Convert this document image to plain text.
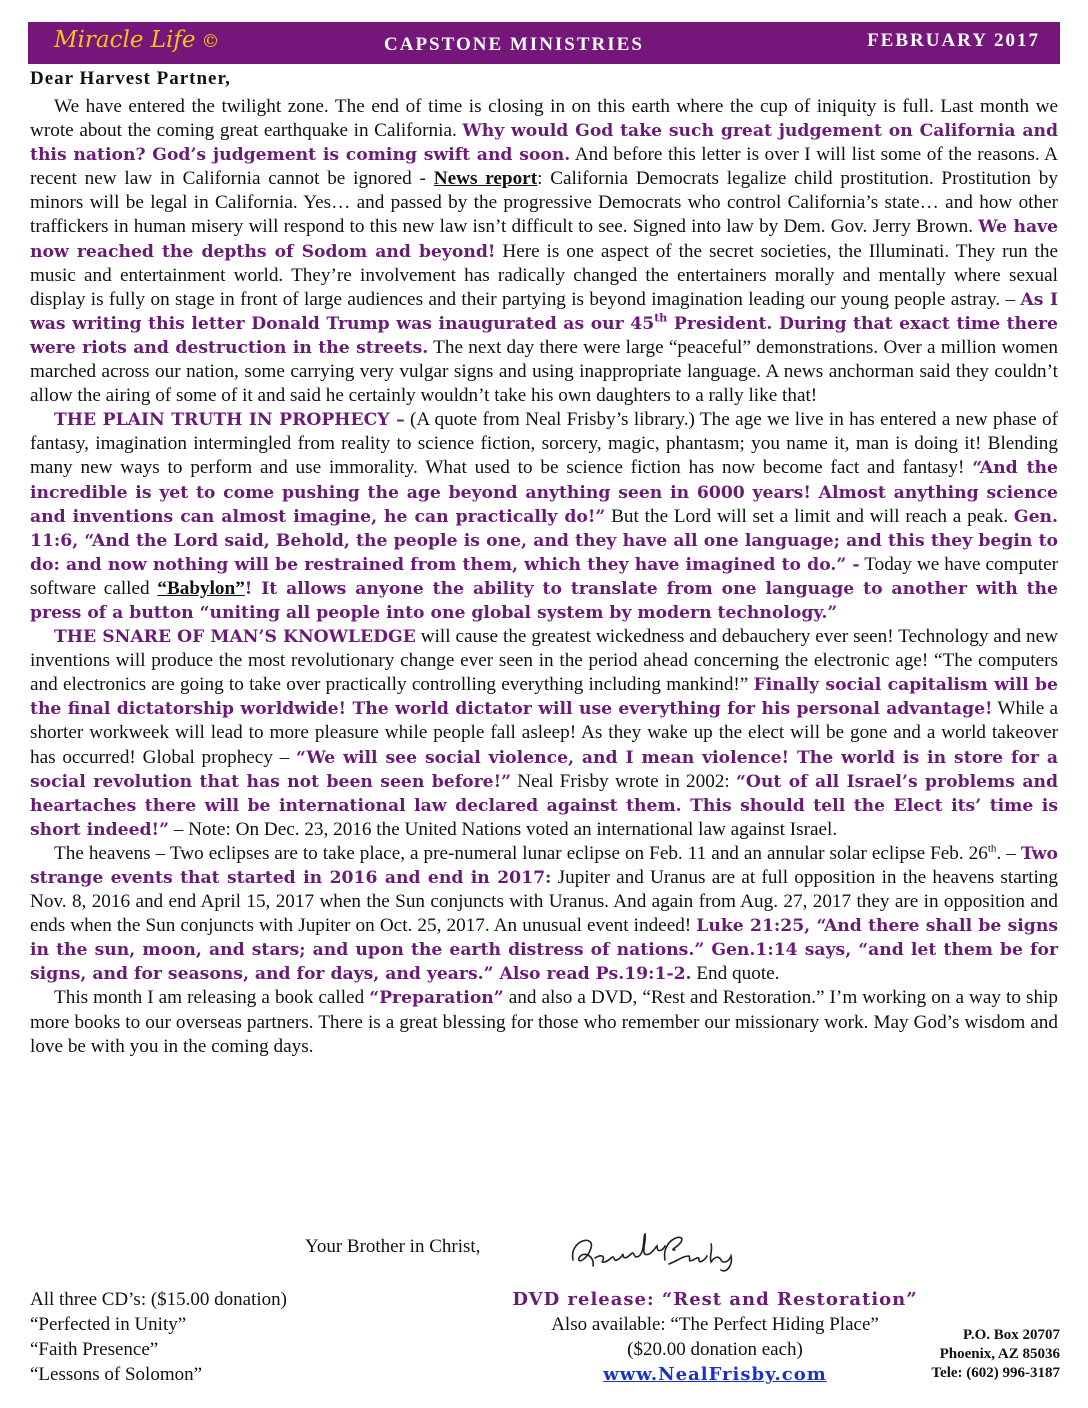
Miracle Life ©	CAPSTONE MINISTRIES	FEBRUARY 2017
Dear Harvest Partner,

We have entered the twilight zone. The end of time is closing in on this earth where the cup of iniquity is full. Last month we wrote about the coming great earthquake in California. Why would God take such great judgement on California and this nation? God’s judgement is coming swift and soon. And before this letter is over I will list some of the reasons. A recent new law in California cannot be ignored - News report: California Democrats legalize child prostitution. Prostitution by minors will be legal in California. Yes… and passed by the progressive Democrats who control California’s state… and how other traffickers in human misery will respond to this new law isn’t difficult to see. Signed into law by Dem. Gov. Jerry Brown. We have now reached the depths of Sodom and beyond! Here is one aspect of the secret societies, the Illuminati. They run the music and entertainment world. They’re involvement has radically changed the entertainers morally and mentally where sexual display is fully on stage in front of large audiences and their partying is beyond imagination leading our young people astray. – As I was writing this letter Donald Trump was inaugurated as our 45th President. During that exact time there were riots and destruction in the streets. The next day there were large “peaceful” demonstrations. Over a million women marched across our nation, some carrying very vulgar signs and using inappropriate language. A news anchorman said they couldn’t allow the airing of some of it and said he certainly wouldn’t take his own daughters to a rally like that!

THE PLAIN TRUTH IN PROPHECY – (A quote from Neal Frisby’s library.) The age we live in has entered a new phase of fantasy, imagination intermingled from reality to science fiction, sorcery, magic, phantasm; you name it, man is doing it! Blending many new ways to perform and use immorality. What used to be science fiction has now become fact and fantasy! “And the incredible is yet to come pushing the age beyond anything seen in 6000 years! Almost anything science and inventions can almost imagine, he can practically do!” But the Lord will set a limit and will reach a peak. Gen. 11:6, “And the Lord said, Behold, the people is one, and they have all one language; and this they begin to do: and now nothing will be restrained from them, which they have imagined to do.” - Today we have computer software called “Babylon”! It allows anyone the ability to translate from one language to another with the press of a button “uniting all people into one global system by modern technology.”

THE SNARE OF MAN’S KNOWLEDGE will cause the greatest wickedness and debauchery ever seen! Technology and new inventions will produce the most revolutionary change ever seen in the period ahead concerning the electronic age! “The computers and electronics are going to take over practically controlling everything including mankind!” Finally social capitalism will be the final dictatorship worldwide! The world dictator will use everything for his personal advantage! While a shorter workweek will lead to more pleasure while people fall asleep! As they wake up the elect will be gone and a world takeover has occurred! Global prophecy – “We will see social violence, and I mean violence! The world is in store for a social revolution that has not been seen before!” Neal Frisby wrote in 2002: “Out of all Israel’s problems and heartaches there will be international law declared against them. This should tell the Elect its’ time is short indeed!” – Note: On Dec. 23, 2016 the United Nations voted an international law against Israel.

The heavens – Two eclipses are to take place, a pre-numeral lunar eclipse on Feb. 11 and an annular solar eclipse Feb. 26th. – Two strange events that started in 2016 and end in 2017: Jupiter and Uranus are at full opposition in the heavens starting Nov. 8, 2016 and end April 15, 2017 when the Sun conjuncts with Uranus. And again from Aug. 27, 2017 they are in opposition and ends when the Sun conjuncts with Jupiter on Oct. 25, 2017. An unusual event indeed! Luke 21:25, “And there shall be signs in the sun, moon, and stars; and upon the earth distress of nations.” Gen.1:14 says, “and let them be for signs, and for seasons, and for days, and years.” Also read Ps.19:1-2. End quote.

This month I am releasing a book called “Preparation” and also a DVD, “Rest and Restoration.” I’m working on a way to ship more books to our overseas partners. There is a great blessing for those who remember our missionary work. May God’s wisdom and love be with you in the coming days.

Your Brother in Christ,
All three CD’s: ($15.00 donation)
“Perfected in Unity”
“Faith Presence”
“Lessons of Solomon”
DVD release: “Rest and Restoration”
Also available: “The Perfect Hiding Place”
($20.00 donation each)
www.NealFrisby.com
P.O. Box 20707
Phoenix, AZ 85036
Tele: (602) 996-3187
